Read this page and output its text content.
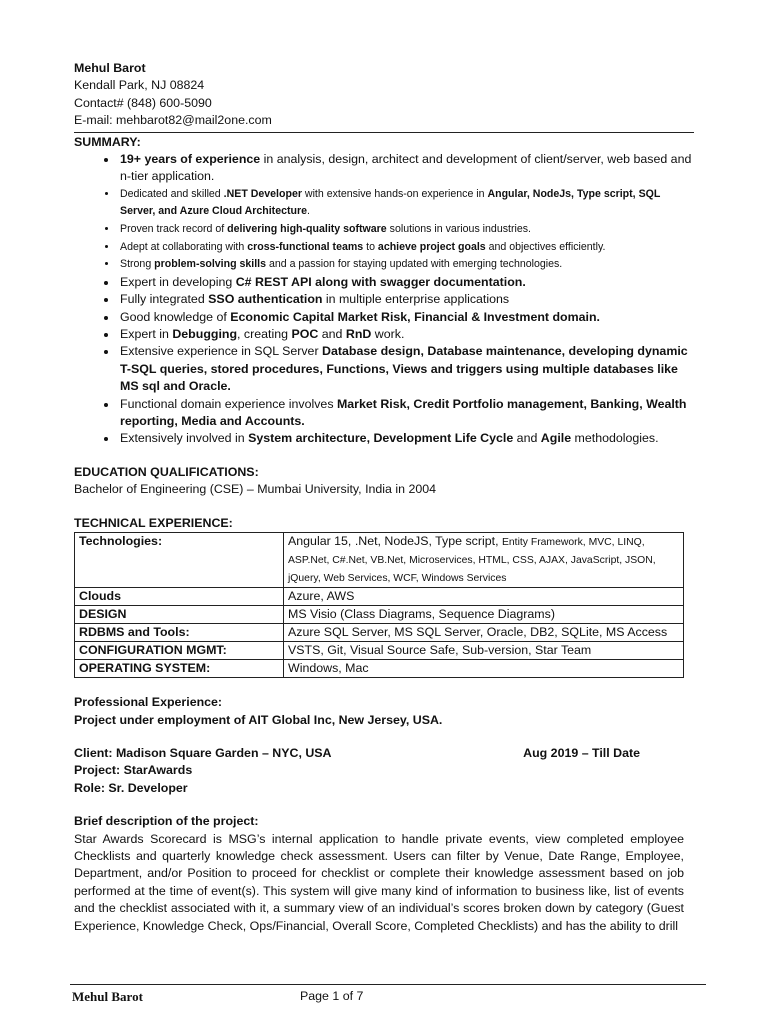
Mehul Barot
Kendall Park, NJ 08824
Contact# (848) 600-5090
E-mail: mehbarot82@mail2one.com
SUMMARY:
• 19+ years of experience in analysis, design, architect and development of client/server, web based and n-tier application.
• Dedicated and skilled .NET Developer with extensive hands-on experience in Angular, NodeJs, Type script, SQL Server, and Azure Cloud Architecture.
• Proven track record of delivering high-quality software solutions in various industries.
• Adept at collaborating with cross-functional teams to achieve project goals and objectives efficiently.
• Strong problem-solving skills and a passion for staying updated with emerging technologies.
• Expert in developing C# REST API along with swagger documentation.
• Fully integrated SSO authentication in multiple enterprise applications
• Good knowledge of Economic Capital Market Risk, Financial & Investment domain.
• Expert in Debugging, creating POC and RnD work.
• Extensive experience in SQL Server Database design, Database maintenance, developing dynamic T-SQL queries, stored procedures, Functions, Views and triggers using multiple databases like MS sql and Oracle.
• Functional domain experience involves Market Risk, Credit Portfolio management, Banking, Wealth reporting, Media and Accounts.
• Extensively involved in System architecture, Development Life Cycle and Agile methodologies.
EDUCATION QUALIFICATIONS:
Bachelor of Engineering (CSE) – Mumbai University, India in 2004
TECHNICAL EXPERIENCE:
Technologies:	Angular 15, .Net, NodeJS, Type script, Entity Framework, MVC, LINQ, ASP.Net, C#.Net, VB.Net, Microservices, HTML, CSS, AJAX, JavaScript, JSON, jQuery, Web Services, WCF, Windows Services
Clouds	Azure, AWS
DESIGN	MS Visio (Class Diagrams, Sequence Diagrams)
RDBMS and Tools:	Azure SQL Server, MS SQL Server, Oracle, DB2, SQLite, MS Access
CONFIGURATION MGMT:	VSTS, Git, Visual Source Safe, Sub-version, Star Team
OPERATING SYSTEM:	Windows, Mac
Professional Experience:
Project under employment of AIT Global Inc, New Jersey, USA.
Client: Madison Square Garden – NYC, USA	Aug 2019 – Till Date
Project: StarAwards
Role: Sr. Developer
Brief description of the project:
Star Awards Scorecard is MSG’s internal application to handle private events, view completed employee Checklists and quarterly knowledge check assessment. Users can filter by Venue, Date Range, Employee, Department, and/or Position to proceed for checklist or complete their knowledge assessment based on job performed at the time of event(s). This system will give many kind of information to business like, list of events and the checklist associated with it, a summary view of an individual’s scores broken down by category (Guest Experience, Knowledge Check, Ops/Financial, Overall Score, Completed Checklists) and has the ability to drill
Mehul Barot	Page 1 of 7
